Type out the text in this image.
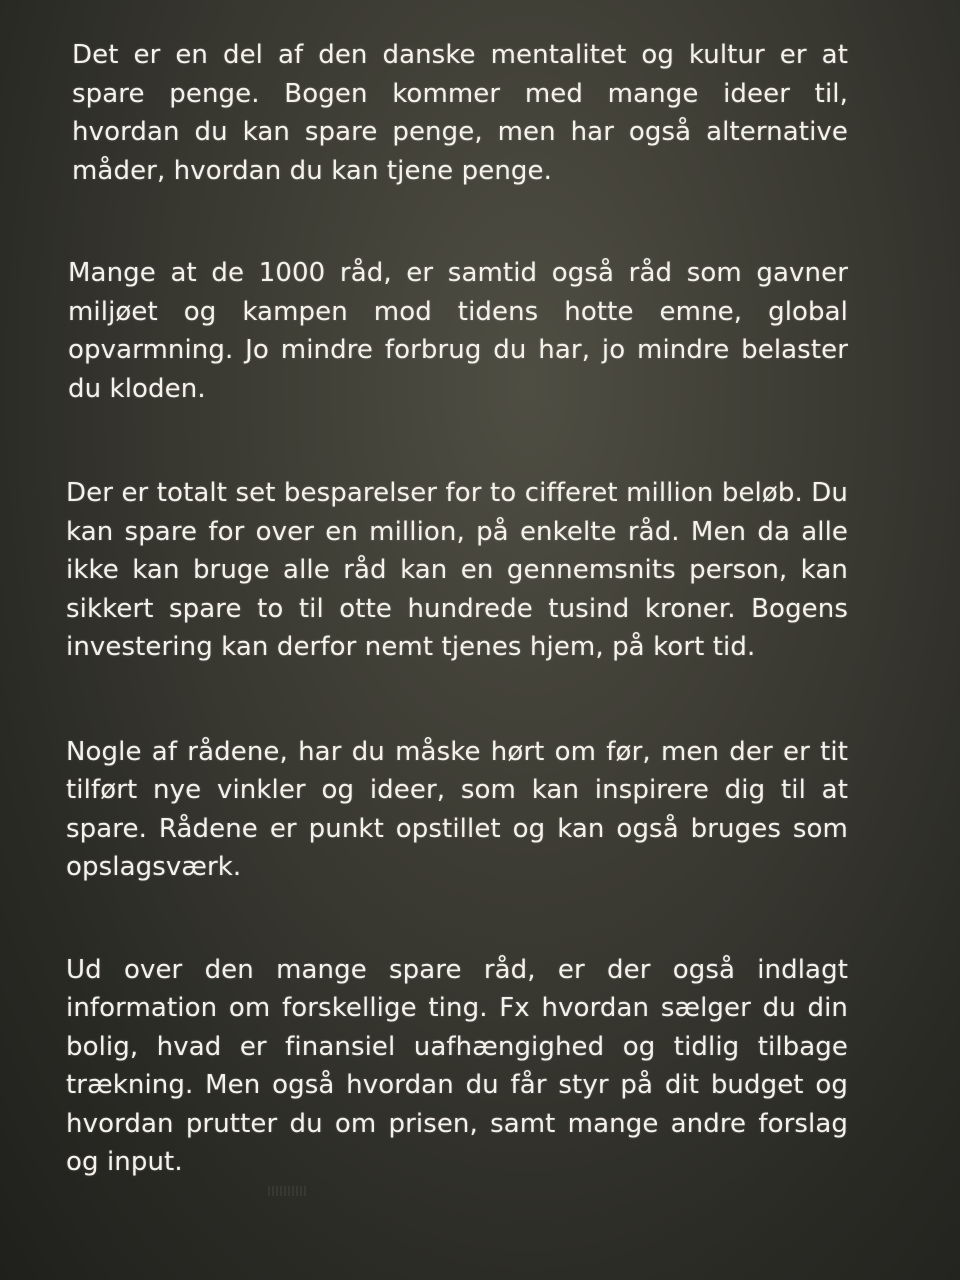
Det er en del af den danske mentalitet og kultur er at spare penge. Bogen kommer med mange ideer til, hvordan du kan spare penge, men har også alternative måder, hvordan du kan tjene penge.

Mange at de 1000 råd, er samtid også råd som gavner miljøet og kampen mod tidens hotte emne, global opvarmning. Jo mindre forbrug du har, jo mindre belaster du kloden.

Der er totalt set besparelser for to cifferet million beløb. Du kan spare for over en million, på enkelte råd. Men da alle ikke kan bruge alle råd kan en gennemsnits person, kan sikkert spare to til otte hundrede tusind kroner. Bogens investering kan derfor nemt tjenes hjem, på kort tid.

Nogle af rådene, har du måske hørt om før, men der er tit tilført nye vinkler og ideer, som kan inspirere dig til at spare. Rådene er punkt opstillet og kan også bruges som opslagsværk.

Ud over den mange spare råd, er der også indlagt information om forskellige ting. Fx hvordan sælger du din bolig, hvad er finansiel uafhængighed og tidlig tilbage trækning. Men også hvordan du får styr på dit budget og hvordan prutter du om prisen, samt mange andre forslag og input.
